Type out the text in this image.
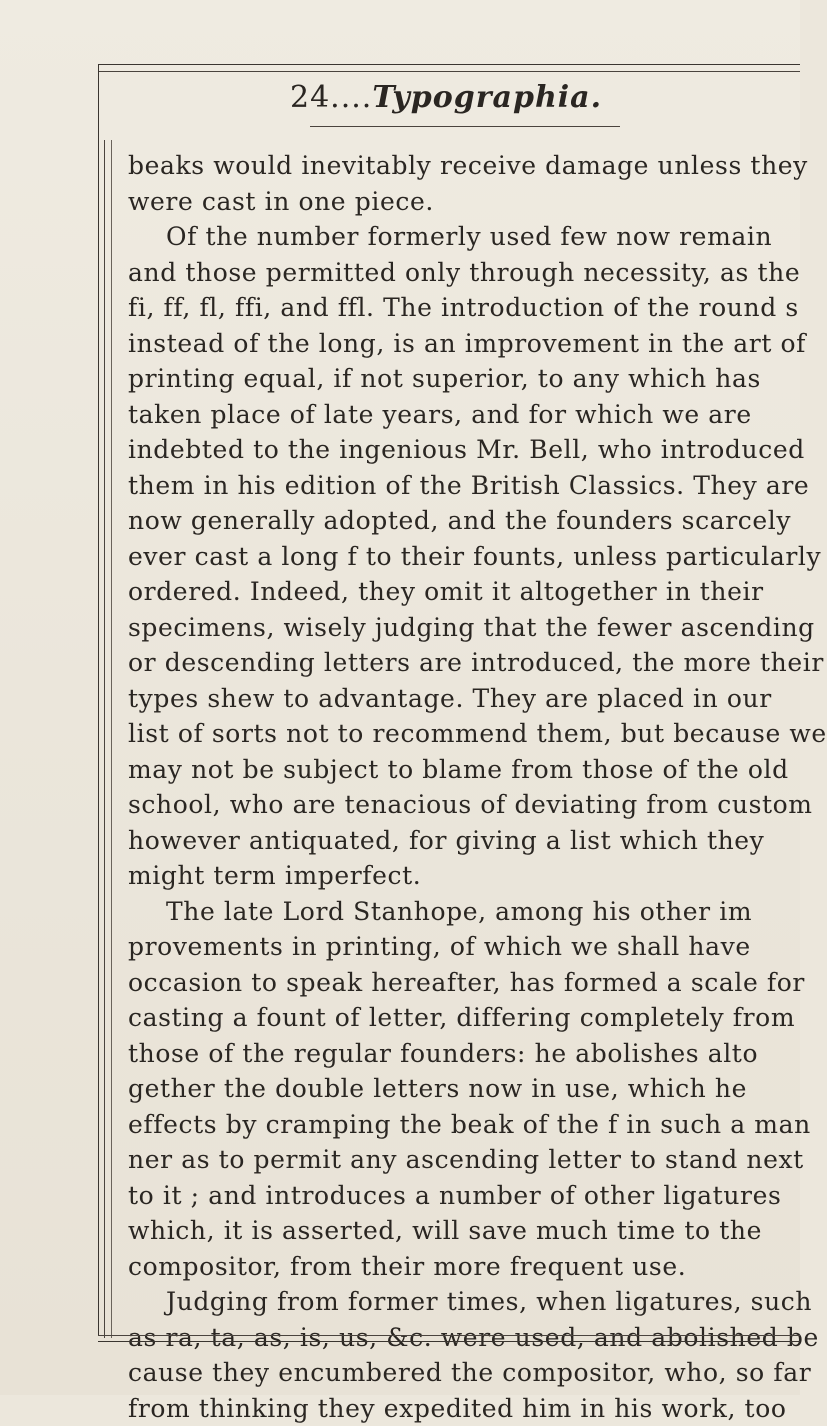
24....Typographia.
beaks would inevitably receive damage unless they
were cast in one piece.
Of the number formerly used few now remain
and those permitted only through necessity, as the
fi, ff, fl, ffi, and ffl. The introduction of the round s
instead of the long, is an improvement in the art of
printing equal, if not superior, to any which has
taken place of late years, and for which we are
indebted to the ingenious Mr. Bell, who introduced
them in his edition of the British Classics. They are
now generally adopted, and the founders scarcely
ever cast a long f to their founts, unless particularly
ordered. Indeed, they omit it altogether in their
specimens, wisely judging that the fewer ascending
or descending letters are introduced, the more their
types shew to advantage. They are placed in our
list of sorts not to recommend them, but because we
may not be subject to blame from those of the old
school, who are tenacious of deviating from custom
however antiquated, for giving a list which they
might term imperfect.
The late Lord Stanhope, among his other im
provements in printing, of which we shall have
occasion to speak hereafter, has formed a scale for
casting a fount of letter, differing completely from
those of the regular founders: he abolishes alto
gether the double letters now in use, which he
effects by cramping the beak of the f in such a man
ner as to permit any ascending letter to stand next
to it ; and introduces a number of other ligatures
which, it is asserted, will save much time to the
compositor, from their more frequent use.
Judging from former times, when ligatures, such
as ra, ta, as, is, us, &c. were used, and abolished be
cause they encumbered the compositor, who, so far
from thinking they expedited him in his work, too
